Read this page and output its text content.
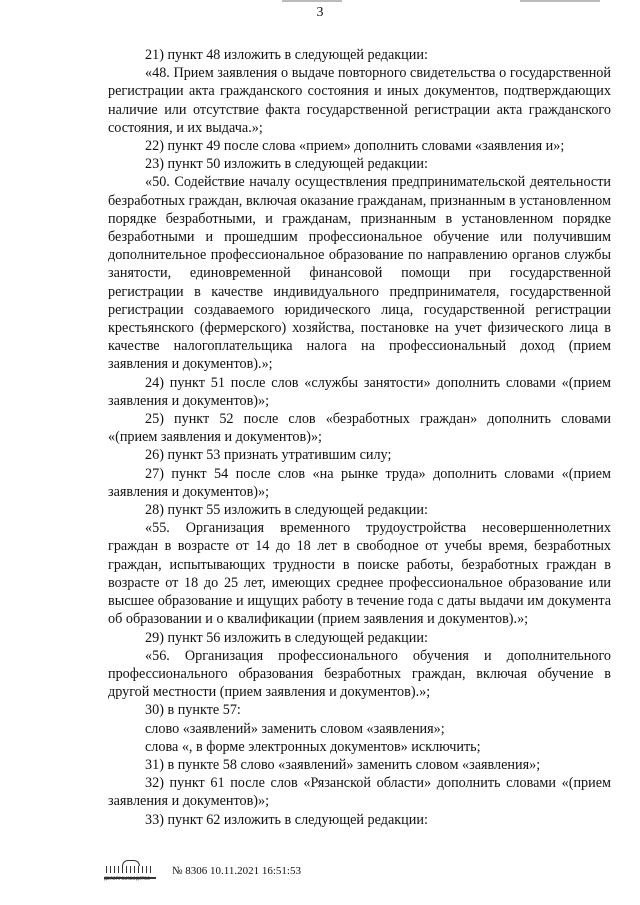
3

21) пункт 48 изложить в следующей редакции:

«48. Прием заявления о выдаче повторного свидетельства о государственной регистрации акта гражданского состояния и иных документов, подтверждающих наличие или отсутствие факта государственной регистрации акта гражданского состояния, и их выдача.»;

22) пункт 49 после слова «прием» дополнить словами «заявления и»;

23) пункт 50 изложить в следующей редакции:

«50. Содействие началу осуществления предпринимательской деятельности безработных граждан, включая оказание гражданам, признанным в установленном порядке безработными, и гражданам, признанным в установленном порядке безработными и прошедшим профессиональное обучение или получившим дополнительное профессиональное образование по направлению органов службы занятости, единовременной финансовой помощи при государственной регистрации в качестве индивидуального предпринимателя, государственной регистрации создаваемого юридического лица, государственной регистрации крестьянского (фермерского) хозяйства, постановке на учет физического лица в качестве налогоплательщика налога на профессиональный доход (прием заявления и документов).»;

24) пункт 51 после слов «службы занятости» дополнить словами «(прием заявления и документов)»;

25) пункт 52 после слов «безработных граждан» дополнить словами «(прием заявления и документов)»;

26) пункт 53 признать утратившим силу;

27) пункт 54 после слов «на рынке труда» дополнить словами «(прием заявления и документов)»;

28) пункт 55 изложить в следующей редакции:

«55. Организация временного трудоустройства несовершеннолетних граждан в возрасте от 14 до 18 лет в свободное от учебы время, безработных граждан, испытывающих трудности в поиске работы, безработных граждан в возрасте от 18 до 25 лет, имеющих среднее профессиональное образование или высшее образование и ищущих работу в течение года с даты выдачи им документа об образовании и о квалификации (прием заявления и документов).»;

29) пункт 56 изложить в следующей редакции:

«56. Организация профессионального обучения и дополнительного профессионального образования безработных граждан, включая обучение в другой местности (прием заявления и документов).»;

30) в пункте 57:

слово «заявлений» заменить словом «заявления»;

слова «, в форме электронных документов» исключить;

31) в пункте 58 слово «заявлений» заменить словом «заявления»;

32) пункт 61 после слов «Рязанской области» дополнить словами «(прием заявления и документов)»;

33) пункт 62 изложить в следующей редакции:

ДЕЛОПРОИЗВОДСТВО
№ 8306 10.11.2021 16:51:53
